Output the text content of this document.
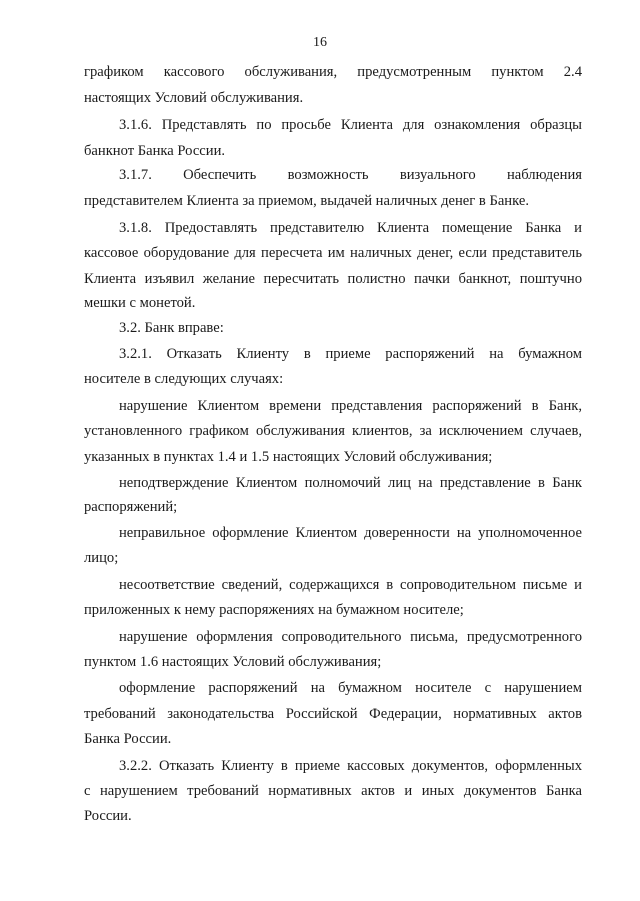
16
графиком кассового обслуживания, предусмотренным пунктом 2.4
настоящих Условий обслуживания.
3.1.6. Представлять по просьбе Клиента для ознакомления образцы
банкнот Банка России.
3.1.7. Обеспечить возможность визуального наблюдения
представителем Клиента за приемом, выдачей наличных денег в Банке.
3.1.8. Предоставлять представителю Клиента помещение Банка и
кассовое оборудование для пересчета им наличных денег, если представитель
Клиента изъявил желание пересчитать полистно пачки банкнот, поштучно
мешки с монетой.
3.2. Банк вправе:
3.2.1. Отказать Клиенту в приеме распоряжений на бумажном
носителе в следующих случаях:
нарушение Клиентом времени представления распоряжений в Банк,
установленного графиком обслуживания клиентов, за исключением случаев,
указанных в пунктах 1.4 и 1.5 настоящих Условий обслуживания;
неподтверждение Клиентом полномочий лиц на представление в Банк
распоряжений;
неправильное оформление Клиентом доверенности на уполномоченное
лицо;
несоответствие сведений, содержащихся в сопроводительном письме и
приложенных к нему распоряжениях на бумажном носителе;
нарушение оформления сопроводительного письма, предусмотренного
пунктом 1.6 настоящих Условий обслуживания;
оформление распоряжений на бумажном носителе с нарушением
требований законодательства Российской Федерации, нормативных актов
Банка России.
3.2.2. Отказать Клиенту в приеме кассовых документов, оформленных
с нарушением требований нормативных актов и иных документов Банка
России.
